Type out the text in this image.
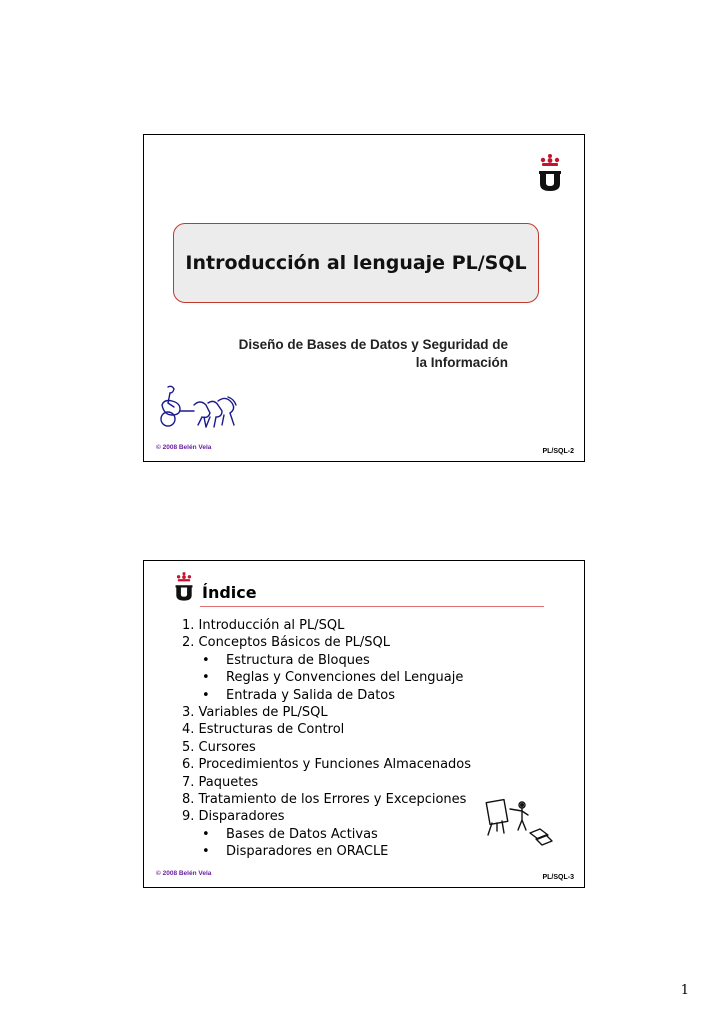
Introducción al lenguaje PL/SQL
Diseño de Bases de Datos y Seguridad de
la Información
© 2008 Belén Vela
PL/SQL-2
Índice
1. Introducción al PL/SQL
2. Conceptos Básicos de PL/SQL
• Estructura de Bloques
• Reglas y Convenciones del Lenguaje
• Entrada y Salida de Datos
3. Variables de PL/SQL
4. Estructuras de Control
5. Cursores
6. Procedimientos y Funciones Almacenados
7. Paquetes
8. Tratamiento de los Errores y Excepciones
9. Disparadores
• Bases de Datos Activas
• Disparadores en ORACLE
© 2008 Belén Vela
PL/SQL-3
1
